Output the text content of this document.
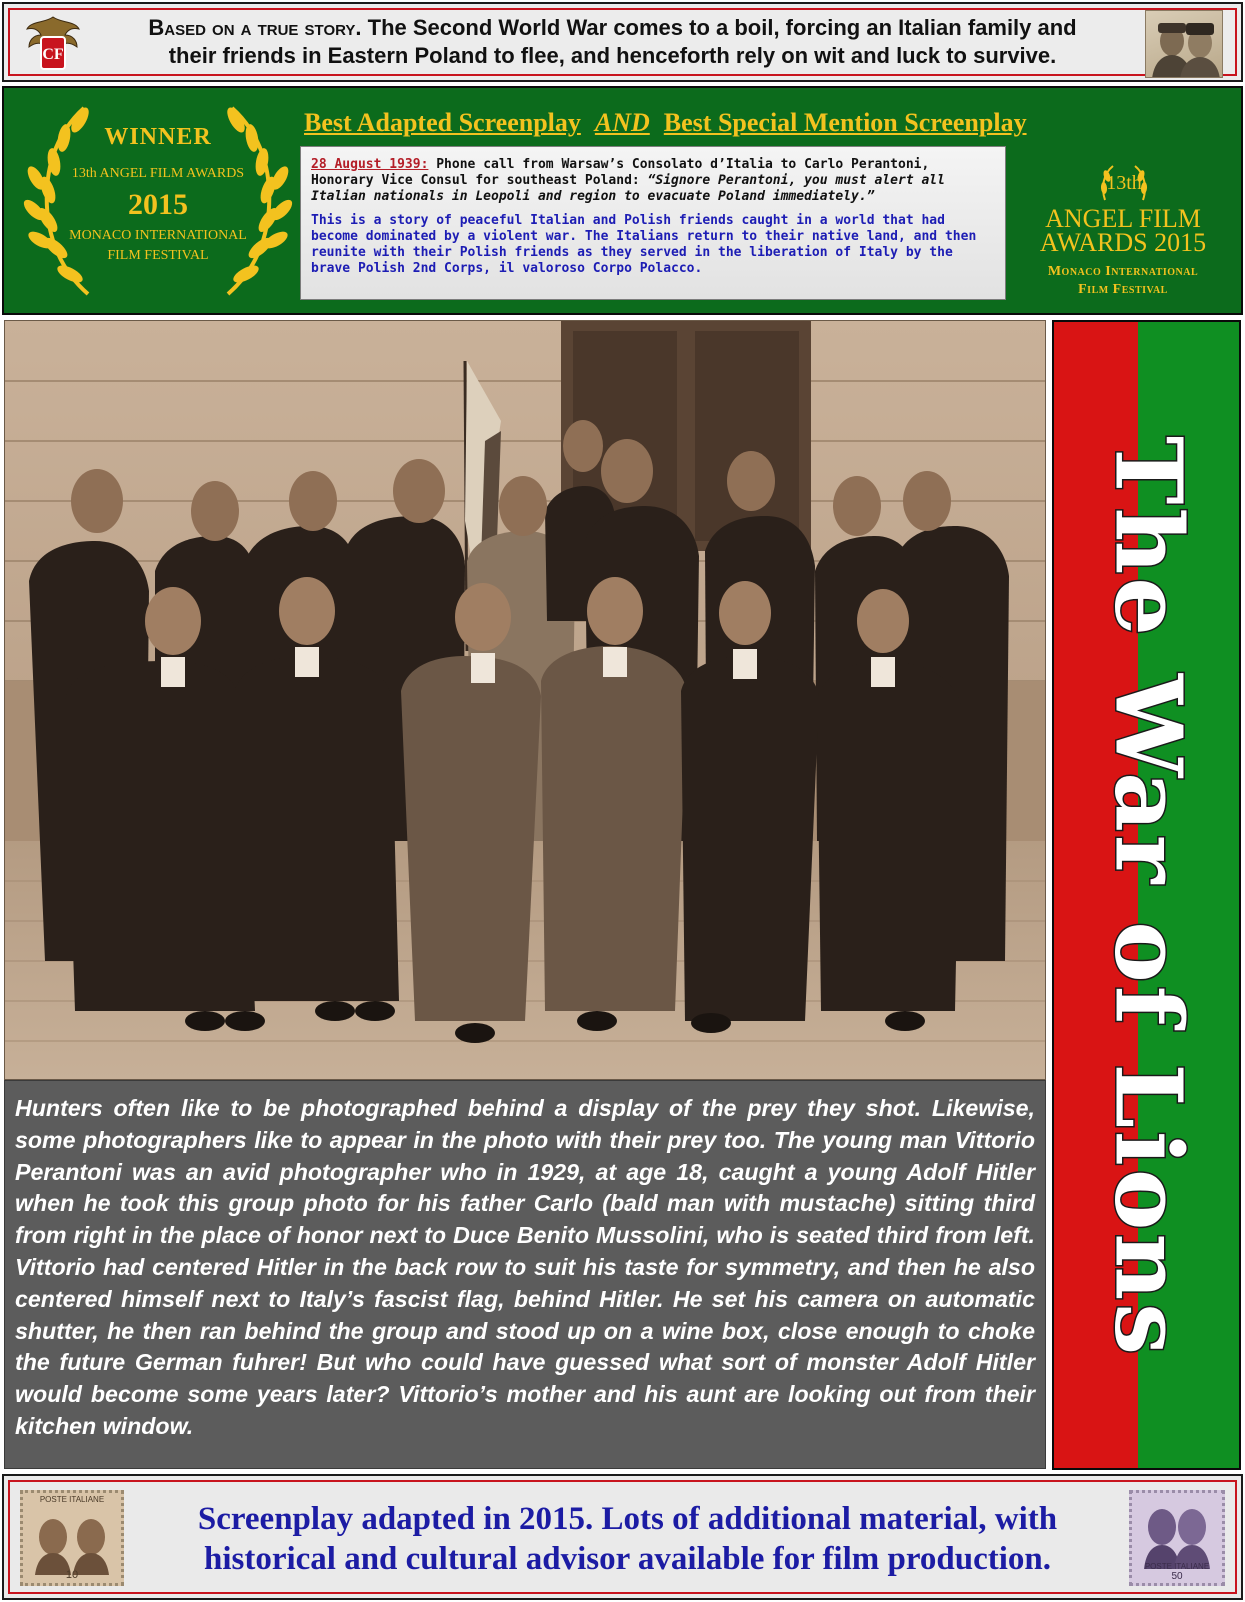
CF
Based on a true story. The Second World War comes to a boil, forcing an Italian family and
their friends in Eastern Poland to flee, and henceforth rely on wit and luck to survive.
WINNER
13th ANGEL FILM AWARDS
2015
MONACO INTERNATIONAL
FILM FESTIVAL
Best Adapted Screenplay AND Best Special Mention Screenplay
28 August 1939: Phone call from Warsaw’s Consolato d’Italia to Carlo Perantoni, Honorary Vice Consul for southeast Poland: “Signore Perantoni, you must alert all Italian nationals in Leopoli and region to evacuate Poland immediately.”
This is a story of peaceful Italian and Polish friends caught in a world that had become dominated by a violent war. The Italians return to their native land, and then reunite with their Polish friends as they served in the liberation of Italy by the brave Polish 2nd Corps, il valoroso Corpo Polacco.
13th
ANGEL FILM
AWARDS 2015
Monaco International
Film Festival

Hunters often like to be photographed behind a display of the prey they shot. Likewise, some photographers like to appear in the photo with their prey too. The young man Vittorio Perantoni was an avid photographer who in 1929, at age 18, caught a young Adolf Hitler when he took this group photo for his father Carlo (bald man with mustache) sitting third from right in the place of honor next to Duce Benito Mussolini, who is seated third from left. Vittorio had centered Hitler in the back row to suit his taste for symmetry, and then he also centered himself next to Italy’s fascist flag, behind Hitler. He set his camera on automatic shutter, he then ran behind the group and stood up on a wine box, close enough to choke the future German fuhrer! But who could have guessed what sort of monster Adolf Hitler would become some years later? Vittorio’s mother and his aunt are looking out from their kitchen window.

The War of Lions
POSTE ITALIANE
10
Screenplay adapted in 2015. Lots of additional material, with
historical and cultural advisor available for film production.	POSTE ITALIANE
50
